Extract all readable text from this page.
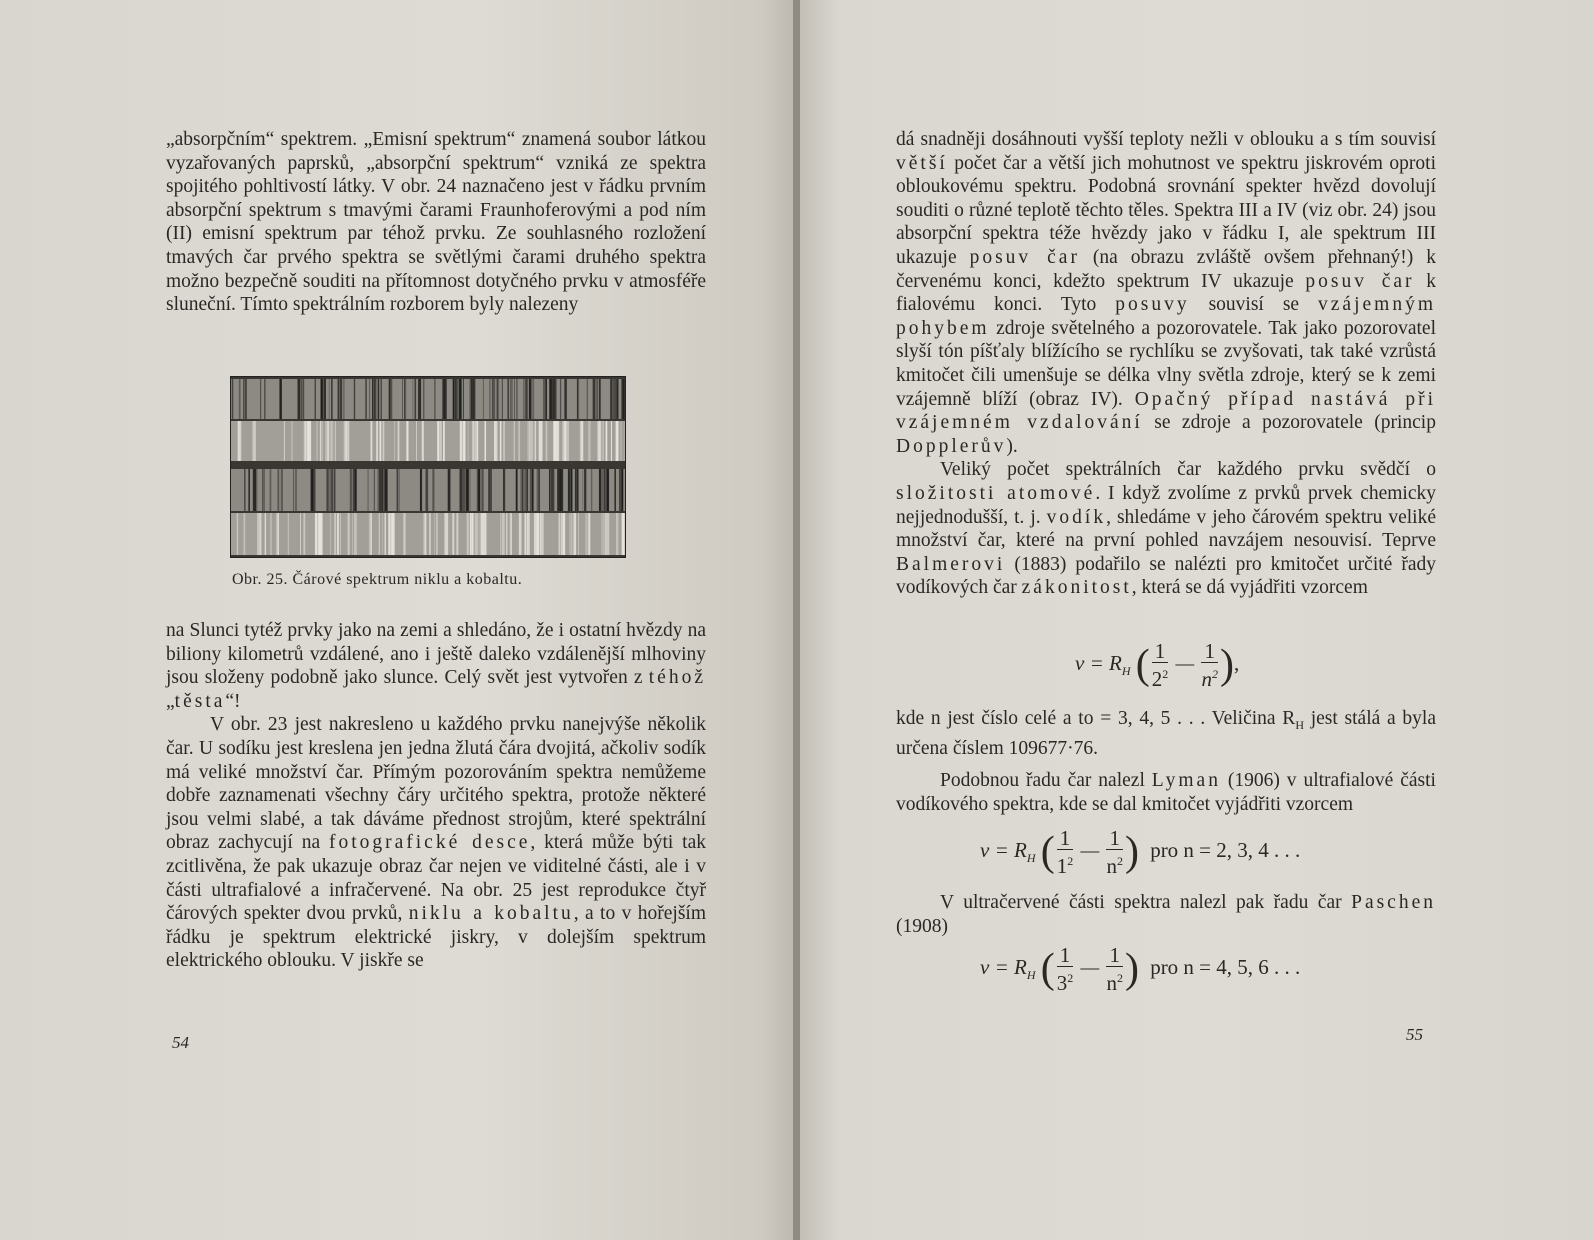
„absorpčním“ spektrem. „Emisní spektrum“ znamená soubor látkou vyzařovaných paprsků, „absorpční spektrum“ vzniká ze spektra spojitého pohltivostí látky. V obr. 24 naznačeno jest v řádku prvním absorpční spektrum s tmavými čarami Fraunhoferovými a pod ním (II) emisní spektrum par téhož prvku. Ze souhlasného rozložení tmavých čar prvého spektra se světlými čarami druhého spektra možno bezpečně souditi na přítomnost dotyčného prvku v atmosféře sluneční. Tímto spektrálním rozborem byly nalezeny

Obr. 25. Čárové spektrum niklu a kobaltu.

na Slunci tytéž prvky jako na zemi a shledáno, že i ostatní hvězdy na biliony kilometrů vzdálené, ano i ještě daleko vzdálenější mlhoviny jsou složeny podobně jako slunce. Celý svět jest vytvořen z téhož „těsta“!

V obr. 23 jest nakresleno u každého prvku nanejvýše několik čar. U sodíku jest kreslena jen jedna žlutá čára dvojitá, ačkoliv sodík má veliké množství čar. Přímým pozorováním spektra nemůžeme dobře zaznamenati všechny čáry určitého spektra, protože některé jsou velmi slabé, a tak dáváme přednost strojům, které spektrální obraz zachycují na fotografické desce, která může býti tak zcitlivěna, že pak ukazuje obraz čar nejen ve viditelné části, ale i v části ultrafialové a infračervené. Na obr. 25 jest reprodukce čtyř čárových spekter dvou prvků, niklu a kobaltu, a to v hořejším řádku je spektrum elektrické jiskry, v dolejším spektrum elektrického oblouku. V jiskře se

54

dá snadněji dosáhnouti vyšší teploty nežli v oblouku a s tím souvisí větší počet čar a větší jich mohutnost ve spektru jiskrovém oproti obloukovému spektru. Podobná srovnání spekter hvězd dovolují souditi o různé teplotě těchto těles. Spektra III a IV (viz obr. 24) jsou absorpční spektra téže hvězdy jako v řádku I, ale spektrum III ukazuje posuv čar (na obrazu zvláště ovšem přehnaný!) k červenému konci, kdežto spektrum IV ukazuje posuv čar k fialovému konci. Tyto posuvy souvisí se vzájemným pohybem zdroje světelného a pozorovatele. Tak jako pozorovatel slyší tón píšťaly blížícího se rychlíku se zvyšovati, tak také vzrůstá kmitočet čili umenšuje se délka vlny světla zdroje, který se k zemi vzájemně blíží (obraz IV). Opačný případ nastává při vzájemném vzdalování se zdroje a pozorovatele (princip Dopplerův).

Veliký počet spektrálních čar každého prvku svědčí o složitosti atomové. I když zvolíme z prvků prvek chemicky nejjednodušší, t. j. vodík, shledáme v jeho čárovém spektru veliké množství čar, které na první pohled navzájem nesouvisí. Teprve Balmerovi (1883) podařilo se nalézti pro kmitočet určité řady vodíkových čar zákonitost, která se dá vyjádřiti vzorcem

$\nu = R_H$ ( $\frac{1}{2^2}$ — $\frac{1}{n^2}$ ),

kde n jest číslo celé a to = 3, 4, 5 . . . Veličina $R_H$ jest stálá a byla určena číslem 109677·76.

Podobnou řadu čar nalezl Lyman (1906) v ultrafialové části vodíkového spektra, kde se dal kmitočet vyjádřiti vzorcem

$\nu = R_H$ ( $\frac{1}{1^2}$ — $\frac{1}{n^2}$ ) pro n = 2, 3, 4 . . .

V ultračervené části spektra nalezl pak řadu čar Paschen (1908)

$\nu = R_H$ ( $\frac{1}{3^2}$ — $\frac{1}{n^2}$ ) pro n = 4, 5, 6 . . .
55
